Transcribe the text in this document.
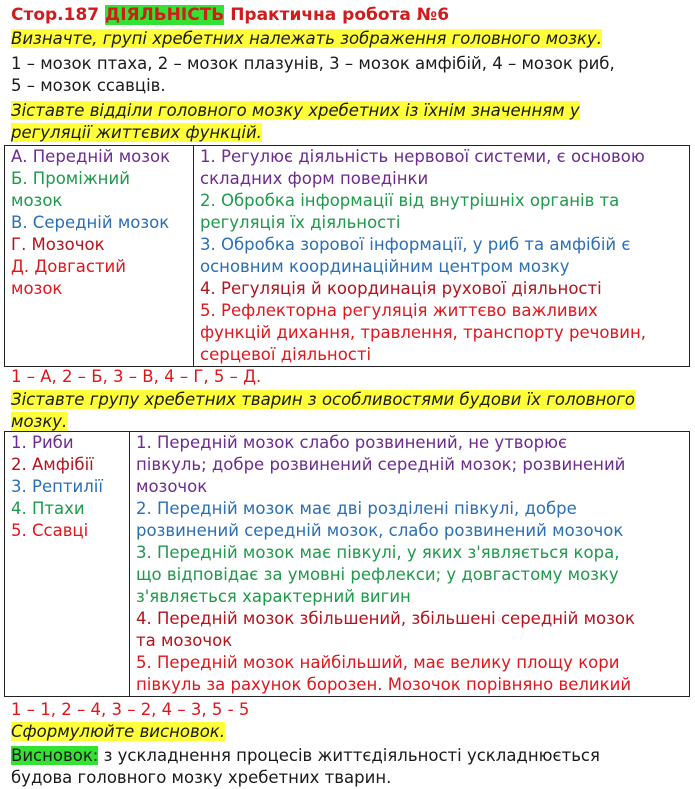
Стор.187 ДІЯЛЬНІСТЬ Практична робота №6
Визначте, групі хребетних належать зображення головного мозку.
1 – мозок птаха, 2 – мозок плазунів, 3 – мозок амфібій, 4 – мозок риб,
5 – мозок ссавців.
Зіставте відділи головного мозку хребетних із їхнім значенням у
регуляції життєвих функцій.
А. Передній мозок
Б. Проміжний
мозок
В. Середній мозок
Г. Мозочок
Д. Довгастий
мозок

1. Регулює діяльність нервової системи, є основою
складних форм поведінки
2. Обробка інформації від внутрішніх органів та
регуляція їх діяльності
3. Обробка зорової інформації, у риб та амфібій є
основним координаційним центром мозку
4. Регуляція й координація рухової діяльності
5. Рефлекторна регуляція життєво важливих
функцій дихання, травлення, транспорту речовин,
серцевої діяльності
1 – А, 2 – Б, 3 – В, 4 – Г, 5 – Д.
Зіставте групу хребетних тварин з особливостями будови їх головного
мозку.
1. Риби
2. Амфібії
3. Рептилії
4. Птахи
5. Ссавці

1. Передній мозок слабо розвинений, не утворює
півкуль; добре розвинений середній мозок; розвинений
мозочок
2. Передній мозок має дві розділені півкулі, добре
розвинений середній мозок, слабо розвинений мозочок
3. Передній мозок має півкулі, у яких з'являється кора,
що відповідає за умовні рефлекси; у довгастому мозку
з'являється характерний вигин
4. Передній мозок збільшений, збільшені середній мозок
та мозочок
5. Передній мозок найбільший, має велику площу кори
півкуль за рахунок борозен. Мозочок порівняно великий
1 – 1, 2 – 4, 3 – 2, 4 – 3, 5 - 5
Сформулюйте висновок.
Висновок: з ускладнення процесів життєдіяльності ускладнюється
будова головного мозку хребетних тварин.
